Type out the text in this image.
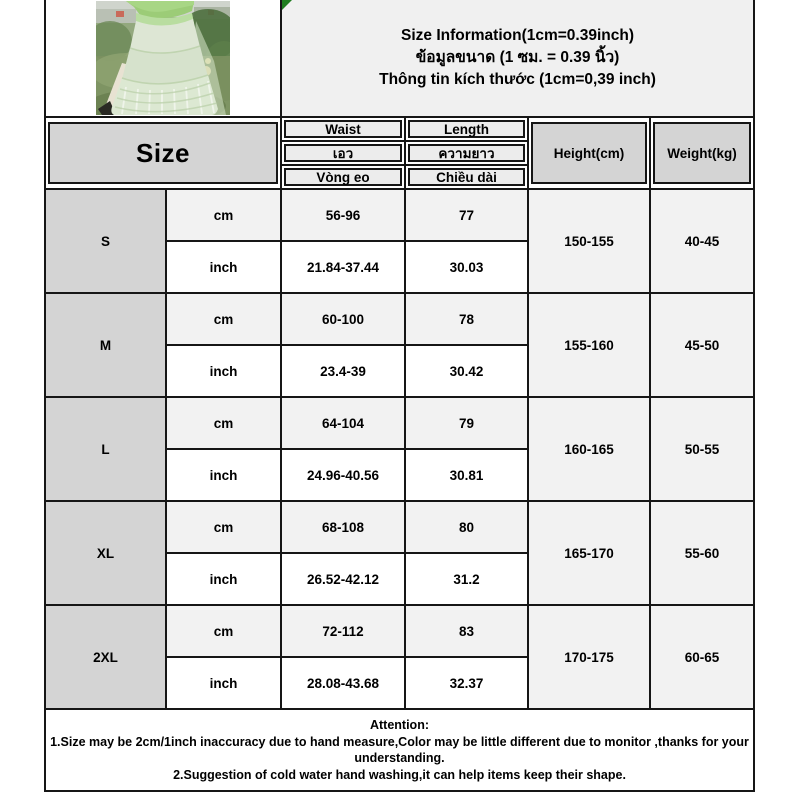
Size Information(1cm=0.39inch)
ข้อมูลขนาด (1 ซม. = 0.39 นิ้ว)
Thông tin kích thước (1cm=0,39 inch)			

Size		Waist	Length	Height(cm)	Weight(kg)

เอว	ความยาว		

Vòng eo	Chiều dài		

S	cm	56-96	77	150-155	40-45
	inch	21.84-37.44	30.03		
M	cm	60-100	78	155-160	45-50
	inch	23.4-39	30.42		
L	cm	64-104	79	160-165	50-55
	inch	24.96-40.56	30.81		
XL	cm	68-108	80	165-170	55-60
	inch	26.52-42.12	31.2		
2XL	cm	72-112	83	170-175	60-65
	inch	28.08-43.68	32.37		

Attention:
1.Size may be 2cm/1inch inaccuracy due to hand measure,Color may be little different due to monitor ,thanks for your understanding.
2.Suggestion of cold water hand washing,it can help items keep their shape.					
